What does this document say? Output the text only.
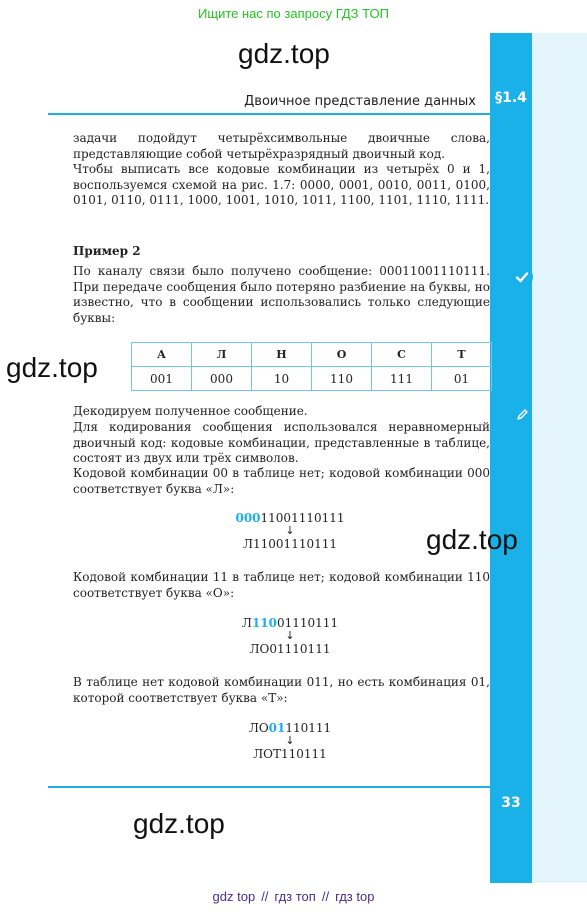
Ищите нас по запросу ГДЗ ТОП
§1.4
Двоичное представление данных
gdz.top
gdz.top
gdz.top
gdz.top

задачи подойдут четырёхсимвольные двоичные слова, представляющие собой четырёхразрядный двоичный код.

Чтобы выписать все кодовые комбинации из четырёх 0 и 1, воспользуемся схемой на рис. 1.7: 0000, 0001, 0010, 0011, 0100, 0101, 0110, 0111, 1000, 1001, 1010, 1011, 1100, 1101, 1110, 1111.

Пример 2

По каналу связи было получено сообщение: 00011001110111. При передаче сообщения было потеряно разбиение на буквы, но известно, что в сообщении использовались только следующие буквы:

А	Л	Н	О	С	Т
001	000	10	110	111	01

Декодируем полученное сообщение.

Для кодирования сообщения использовался неравномерный двоичный код: кодовые комбинации, представленные в таблице, состоят из двух или трёх символов.

Кодовой комбинации 00 в таблице нет; кодовой комбинации 000 соответствует буква «Л»:

00011001110111
↓
Л11001110111

Кодовой комбинации 11 в таблице нет; кодовой комбинации 110 соответствует буква «О»:

Л11001110111
↓
ЛО01110111

В таблице нет кодовой комбинации 011, но есть комбинация 01, которой соответствует буква «Т»:

ЛО01110111
↓
ЛОТ110111
33
gdz top // гдз топ // гдз top
